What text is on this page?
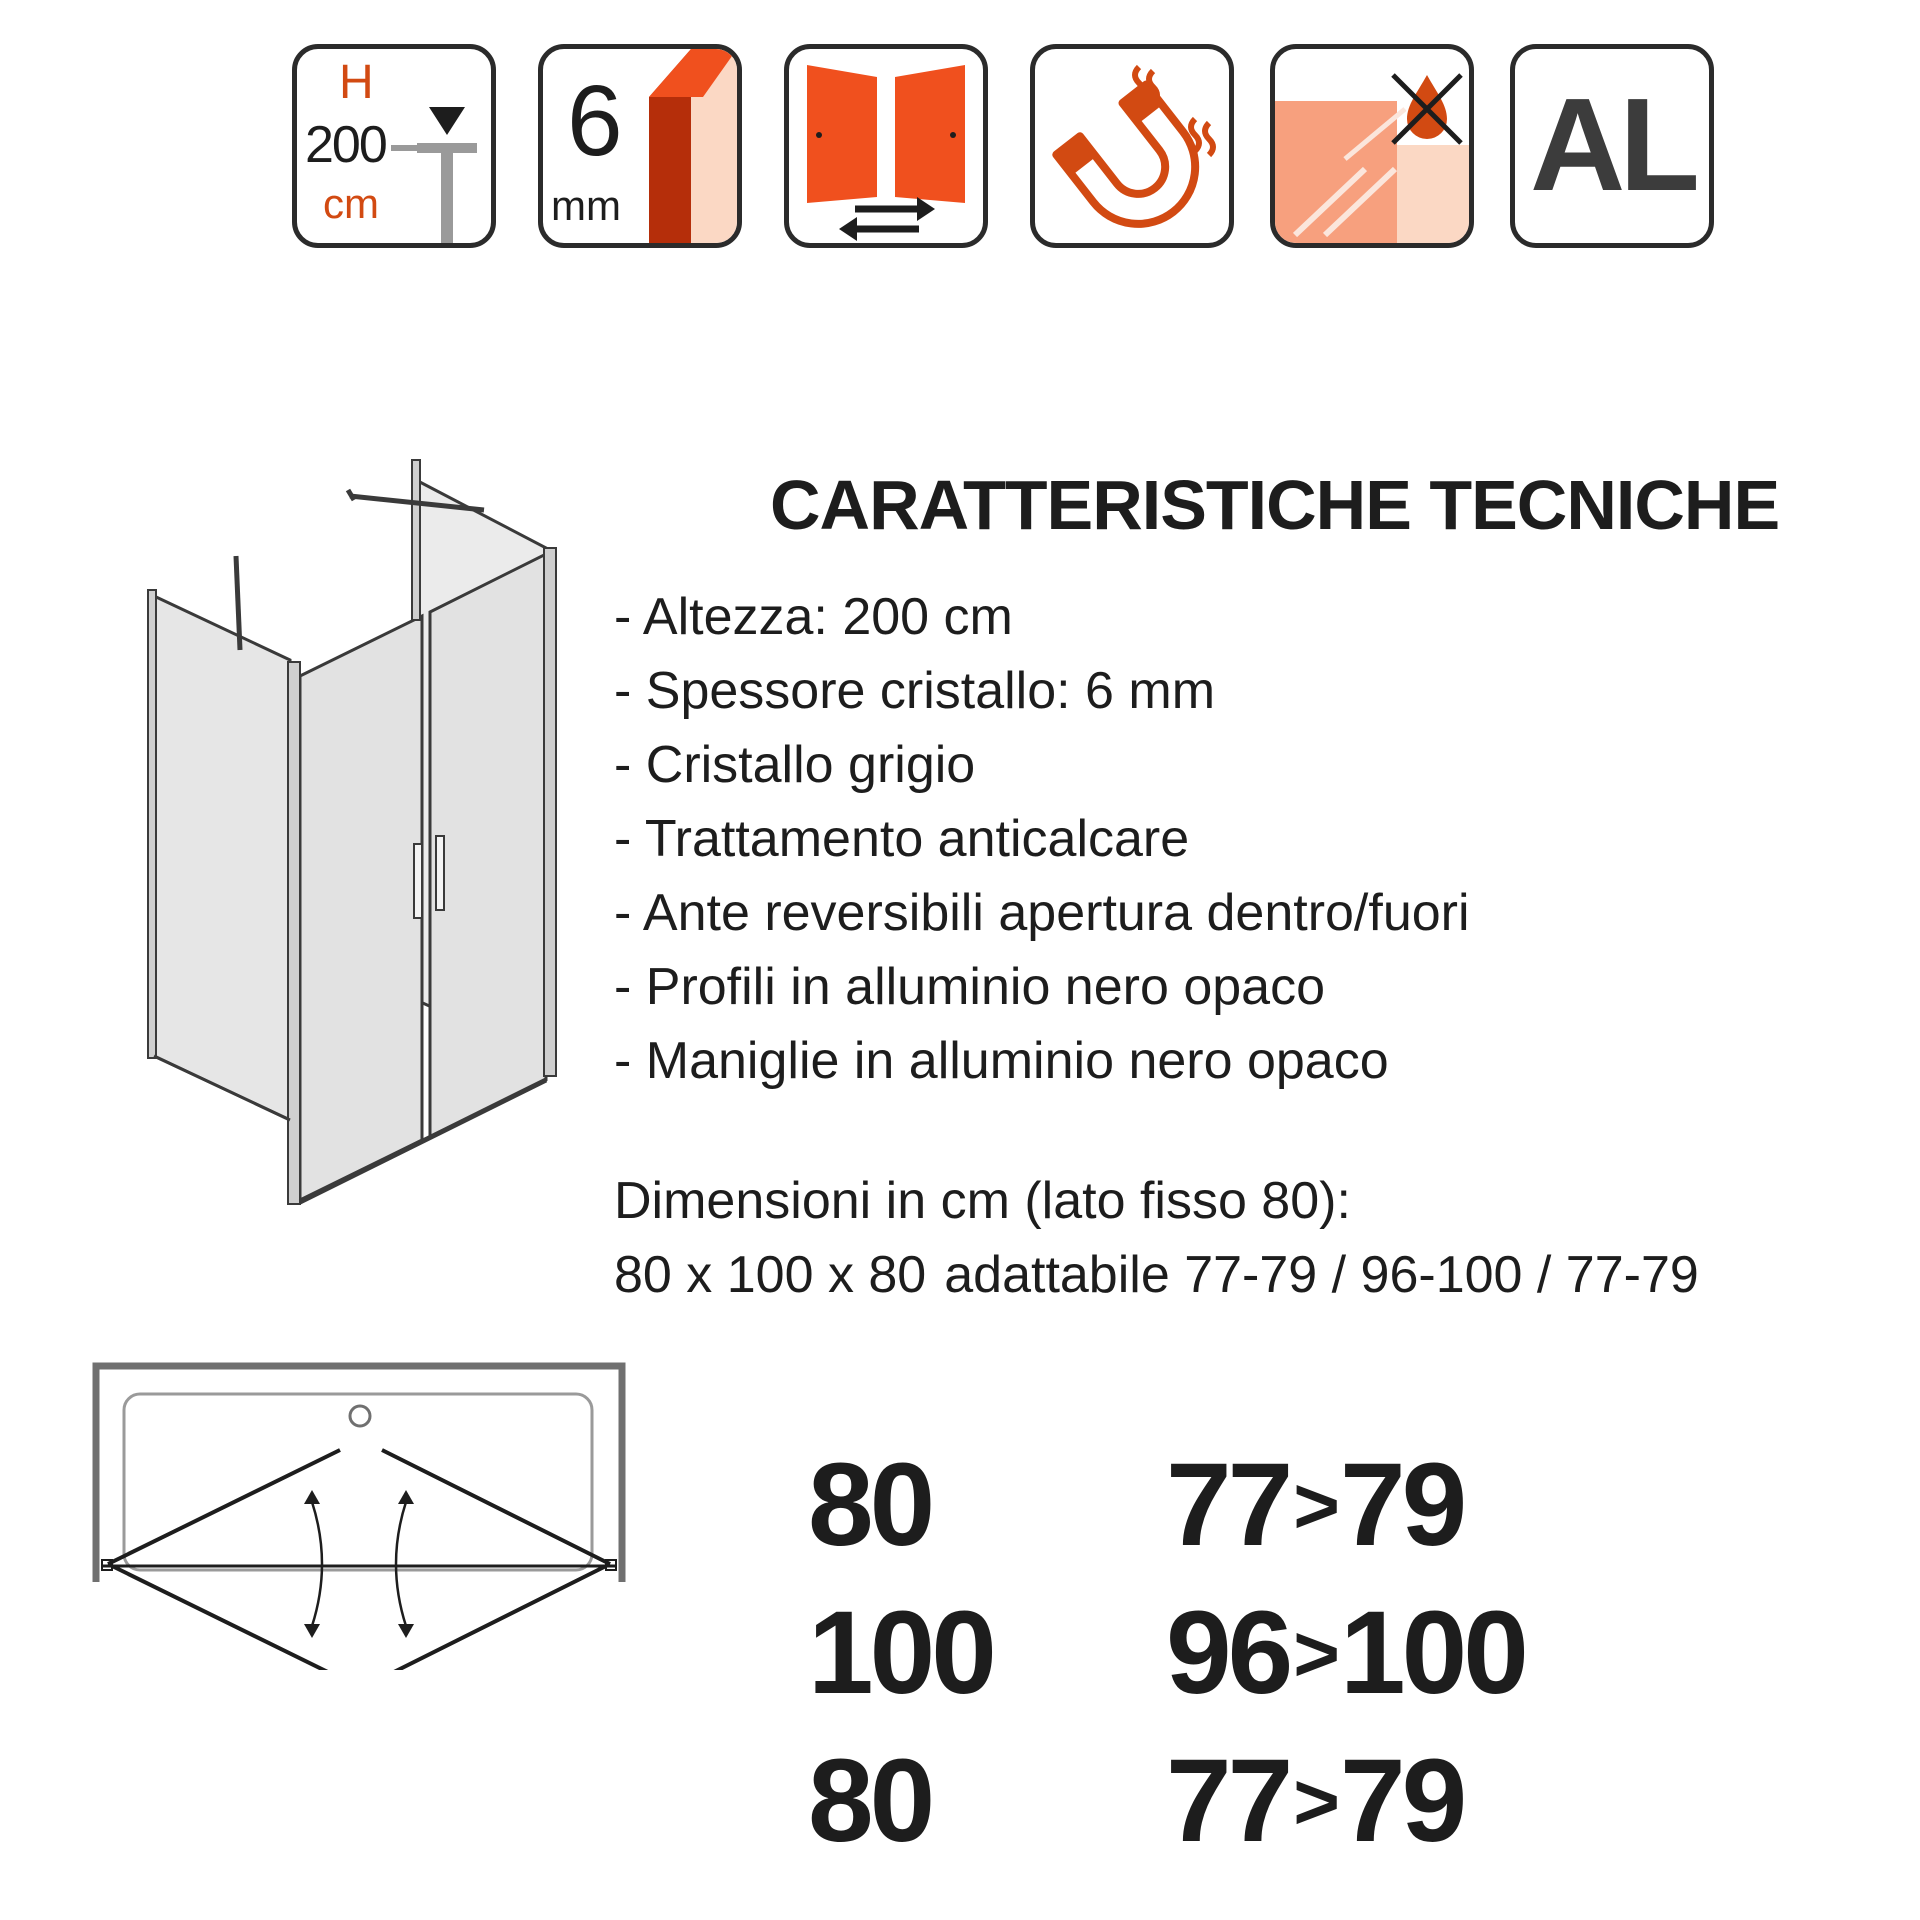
H
200
cm
6
mm	AL
CARATTERISTICHE TECNICHE
- Altezza: 200 cm
- Spessore cristallo: 6 mm
- Cristallo grigio
- Trattamento anticalcare
- Ante reversibili apertura dentro/fuori
- Profili in alluminio nero opaco
- Maniglie in alluminio nero opaco
Dimensioni in cm (lato fisso 80):
80 x 100 x 80 adattabile 77-79 / 96-100 / 77-79
80 77>79
100 96>100
80 77>79
